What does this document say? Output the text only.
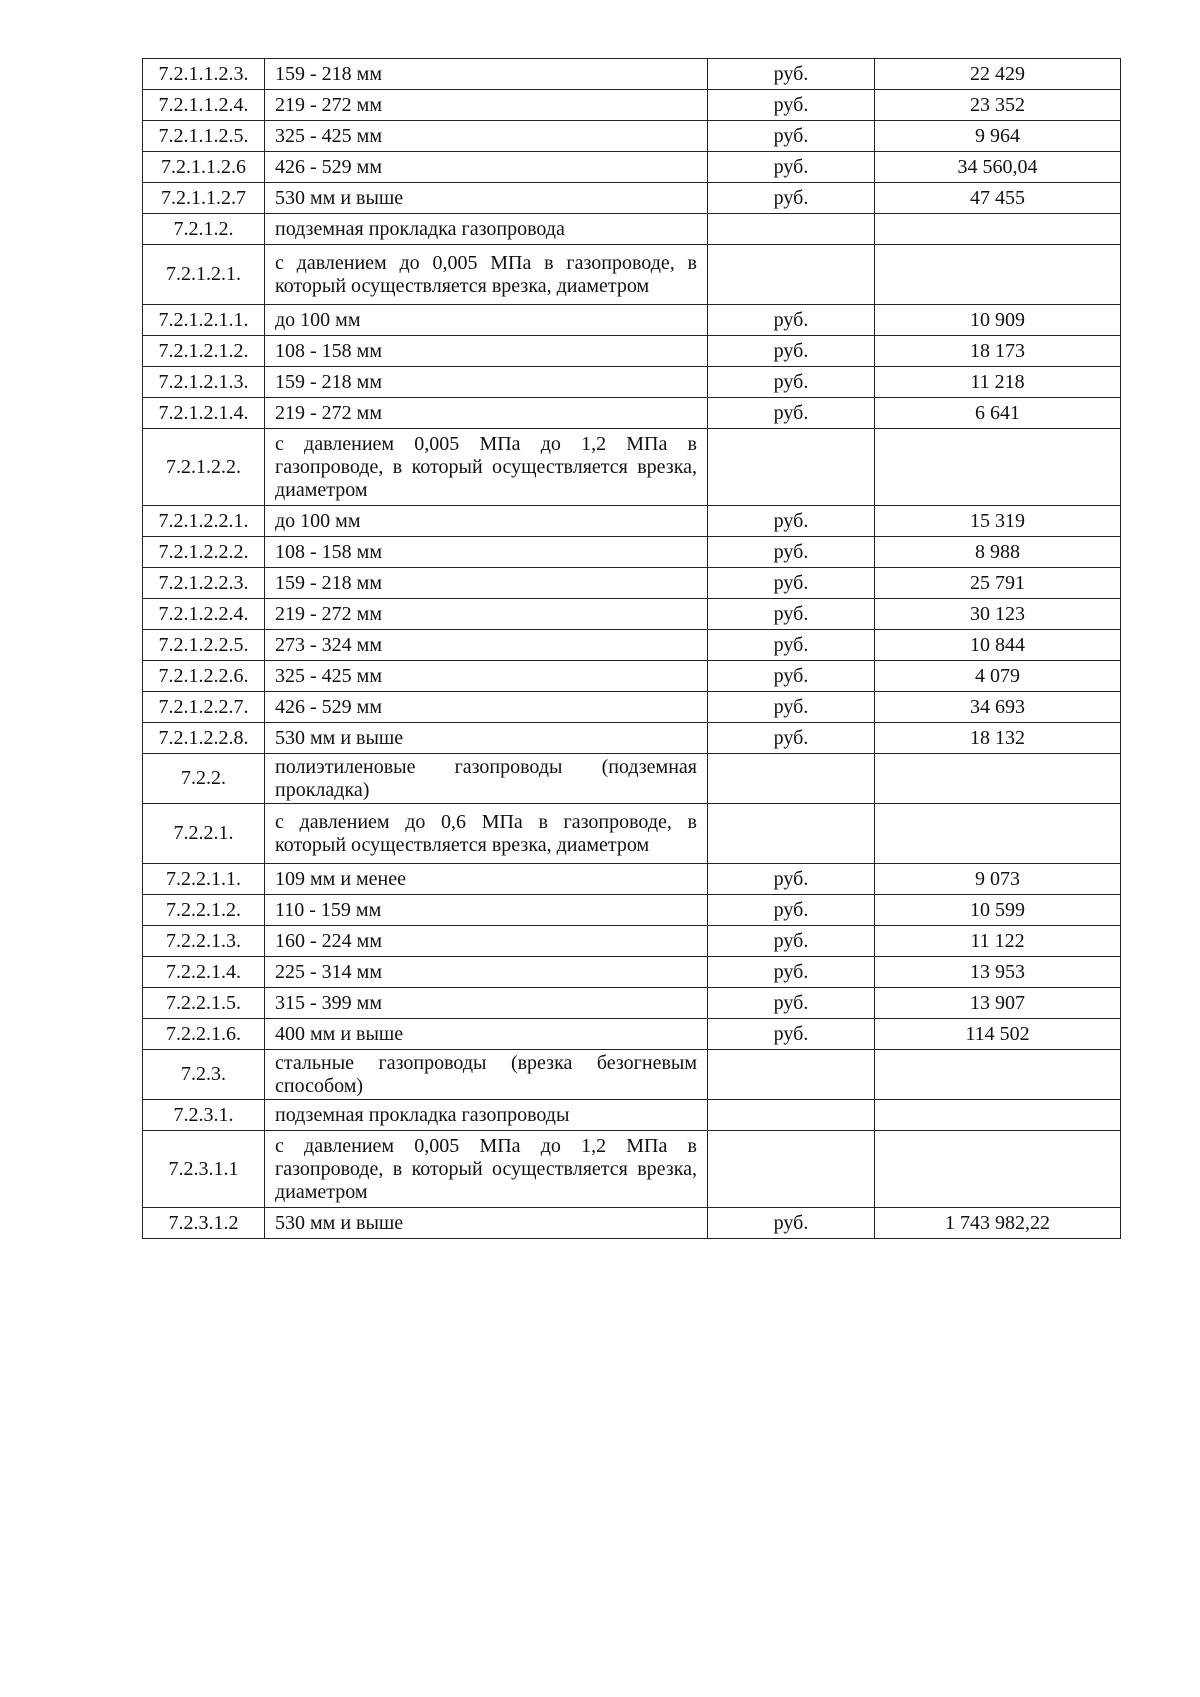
7.2.1.1.2.3.	159 - 218 мм	руб.	22 429
7.2.1.1.2.4.	219 - 272 мм	руб.	23 352
7.2.1.1.2.5.	325 - 425 мм	руб.	9 964
7.2.1.1.2.6	426 - 529 мм	руб.	34 560,04
7.2.1.1.2.7	530 мм и выше	руб.	47 455
7.2.1.2.	подземная прокладка газопровода		
7.2.1.2.1.	с давлением до 0,005 МПа в газопроводе, в который осуществляется врезка, диаметром		
7.2.1.2.1.1.	до 100 мм	руб.	10 909
7.2.1.2.1.2.	108 - 158 мм	руб.	18 173
7.2.1.2.1.3.	159 - 218 мм	руб.	11 218
7.2.1.2.1.4.	219 - 272 мм	руб.	6 641
7.2.1.2.2.	с давлением 0,005 МПа до 1,2 МПа в газопроводе, в который осуществляется врезка, диаметром		
7.2.1.2.2.1.	до 100 мм	руб.	15 319
7.2.1.2.2.2.	108 - 158 мм	руб.	8 988
7.2.1.2.2.3.	159 - 218 мм	руб.	25 791
7.2.1.2.2.4.	219 - 272 мм	руб.	30 123
7.2.1.2.2.5.	273 - 324 мм	руб.	10 844
7.2.1.2.2.6.	325 - 425 мм	руб.	4 079
7.2.1.2.2.7.	426 - 529 мм	руб.	34 693
7.2.1.2.2.8.	530 мм и выше	руб.	18 132
7.2.2.	полиэтиленовые газопроводы (подземная прокладка)		
7.2.2.1.	с давлением до 0,6 МПа в газопроводе, в который осуществляется врезка, диаметром		
7.2.2.1.1.	109 мм и менее	руб.	9 073
7.2.2.1.2.	110 - 159 мм	руб.	10 599
7.2.2.1.3.	160 - 224 мм	руб.	11 122
7.2.2.1.4.	225 - 314 мм	руб.	13 953
7.2.2.1.5.	315 - 399 мм	руб.	13 907
7.2.2.1.6.	400 мм и выше	руб.	114 502
7.2.3.	стальные газопроводы (врезка безогневым способом)		
7.2.3.1.	подземная прокладка газопроводы		
7.2.3.1.1	с давлением 0,005 МПа до 1,2 МПа в газопроводе, в который осуществляется врезка, диаметром		
7.2.3.1.2	530 мм и выше	руб.	1 743 982,22
